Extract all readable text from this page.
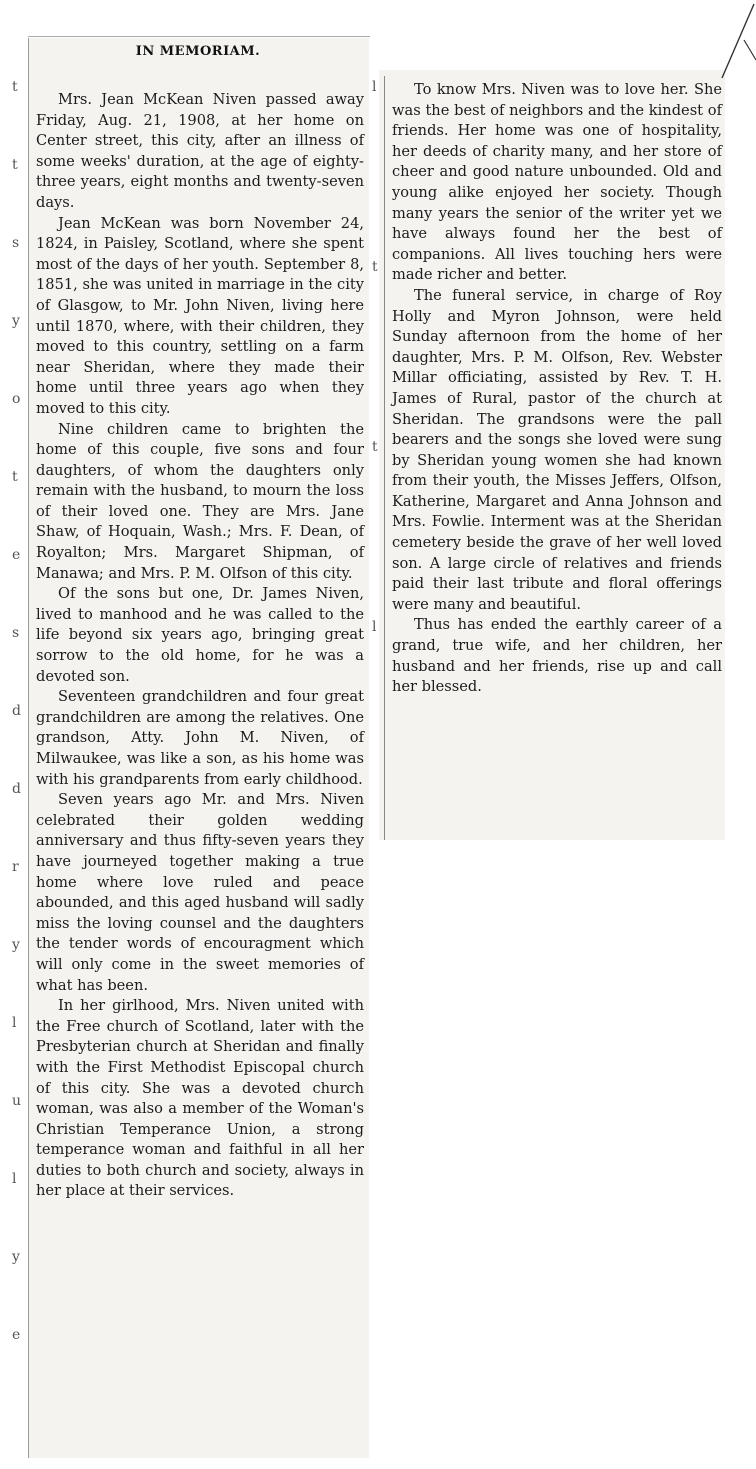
IN MEMORIAM.

Mrs. Jean McKean Niven passed away Friday, Aug. 21, 1908, at her home on Center street, this city, after an illness of some weeks' duration, at the age of eighty-three years, eight months and twenty-seven days.

Jean McKean was born November 24, 1824, in Paisley, Scotland, where she spent most of the days of her youth. September 8, 1851, she was united in marriage in the city of Glasgow, to Mr. John Niven, living here until 1870, where, with their children, they moved to this country, settling on a farm near Sheridan, where they made their home until three years ago when they moved to this city.

Nine children came to brighten the home of this couple, five sons and four daughters, of whom the daughters only remain with the husband, to mourn the loss of their loved one. They are Mrs. Jane Shaw, of Hoquain, Wash.; Mrs. F. Dean, of Royalton; Mrs. Margaret Shipman, of Manawa; and Mrs. P. M. Olfson of this city.

Of the sons but one, Dr. James Niven, lived to manhood and he was called to the life beyond six years ago, bringing great sorrow to the old home, for he was a devoted son.

Seventeen grandchildren and four great grandchildren are among the relatives. One grandson, Atty. John M. Niven, of Milwaukee, was like a son, as his home was with his grandparents from early childhood.

Seven years ago Mr. and Mrs. Niven celebrated their golden wedding anniversary and thus fifty-seven years they have journeyed together making a true home where love ruled and peace abounded, and this aged husband will sadly miss the loving counsel and the daughters the tender words of encouragment which will only come in the sweet memories of what has been.

In her girlhood, Mrs. Niven united with the Free church of Scotland, later with the Presbyterian church at Sheridan and finally with the First Methodist Episcopal church of this city. She was a devoted church woman, was also a member of the Woman's Christian Temperance Union, a strong temperance woman and faithful in all her duties to both church and society, always in her place at their services.

To know Mrs. Niven was to love her. She was the best of neighbors and the kindest of friends. Her home was one of hospitality, her deeds of charity many, and her store of cheer and good nature unbounded. Old and young alike enjoyed her society. Though many years the senior of the writer yet we have always found her the best of companions. All lives touching hers were made richer and better.

The funeral service, in charge of Roy Holly and Myron Johnson, were held Sunday afternoon from the home of her daughter, Mrs. P. M. Olfson, Rev. Webster Millar officiating, assisted by Rev. T. H. James of Rural, pastor of the church at Sheridan. The grandsons were the pall bearers and the songs she loved were sung by Sheridan young women she had known from their youth, the Misses Jeffers, Olfson, Katherine, Margaret and Anna Johnson and Mrs. Fowlie. Interment was at the Sheridan cemetery beside the grave of her well loved son. A large circle of relatives and friends paid their last tribute and floral offerings were many and beautiful.

Thus has ended the earthly career of a grand, true wife, and her children, her husband and her friends, rise up and call her blessed.

t
t
s
y
o
t
e
s
d
d
r
y
l
u
l
y
e
l
t
t
l
